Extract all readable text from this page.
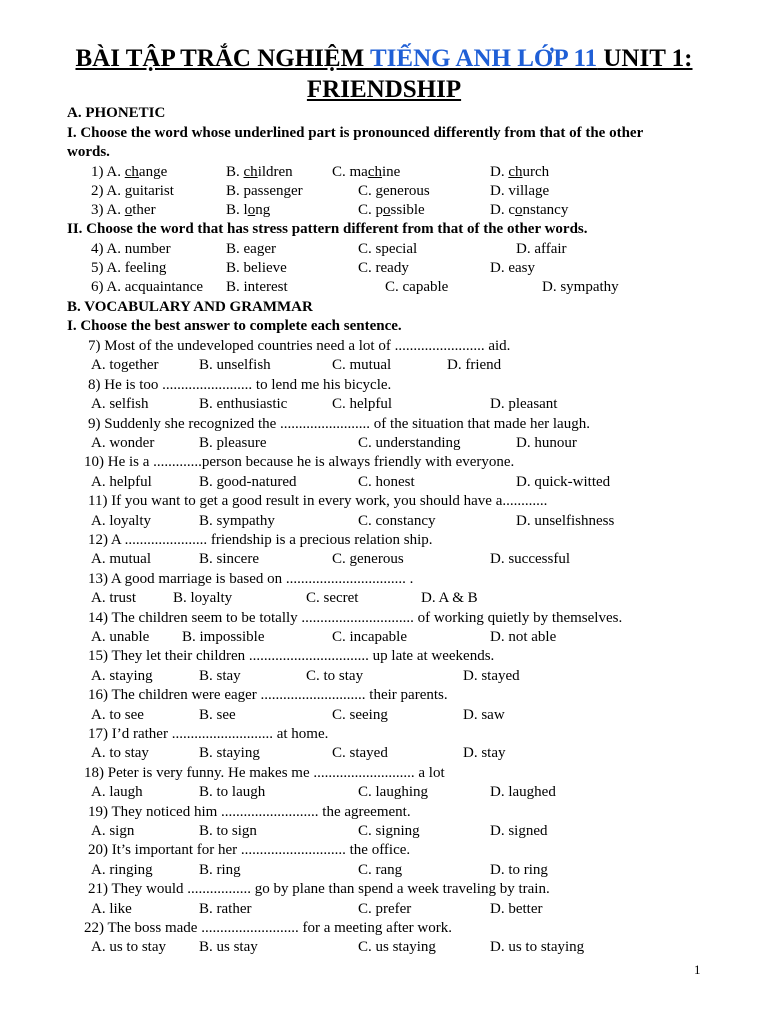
BÀI TẬP TRẮC NGHIỆM TIẾNG ANH LỚP 11 UNIT 1:
FRIENDSHIP
A. PHONETIC
I. Choose the word whose underlined part is pronounced differently from that of the other
words.
1) A. change	B. children	C. machine	D. church
2) A. guitarist	B. passenger	C. generous	D. village
3) A. other	B. long	C. possible	D. constancy
II. Choose the word that has stress pattern different from that of the other words.
4) A. number	B. eager	C. special	D. affair
5) A. feeling	B. believe	C. ready	D. easy
6) A. acquaintance B. interest	C. capable	D. sympathy
B. VOCABULARY AND GRAMMAR
I. Choose the best answer to complete each sentence.
7) Most of the undeveloped countries need a lot of ........................ aid.
A. together	B. unselfish	C. mutual	D. friend
8) He is too ........................ to lend me his bicycle.
A. selfish	B. enthusiastic	C. helpful	D. pleasant
9) Suddenly she recognized the ........................ of the situation that made her laugh.
A. wonder	B. pleasure	C. understanding	D. hunour
10) He is a .............person because he is always friendly with everyone.
A. helpful	B. good-natured	C. honest	D. quick-witted
11) If you want to get a good result in every work, you should have a............
A. loyalty	B. sympathy	C. constancy	D. unselfishness
12) A ...................... friendship is a precious relation ship.
A. mutual	B. sincere	C. generous	D. successful
13) A good marriage is based on ................................ .
A. trust B. loyalty	C. secret	D. A & B
14) The children seem to be totally .............................. of working quietly by themselves.
A. unable B. impossible	C. incapable	D. not able
15) They let their children ................................ up late at weekends.
A. staying	B. stay	C. to stay	D. stayed
16) The children were eager ............................ their parents.
A. to see	B. see	C. seeing	D. saw
17) I’d rather ........................... at home.
A. to stay	B. staying	C. stayed	D. stay
18) Peter is very funny. He makes me ........................... a lot
A. laugh	B. to laugh	C. laughing	D. laughed
19) They noticed him .......................... the agreement.
A. sign	B. to sign	C. signing	D. signed
20) It’s important for her ............................ the office.
A. ringing	B. ring	C. rang	D. to ring
21) They would ................. go by plane than spend a week traveling by train.
A. like	B. rather	C. prefer	D. better
22) The boss made .......................... for a meeting after work.
A. us to stay B. us stay	C. us staying	D. us to staying
1
